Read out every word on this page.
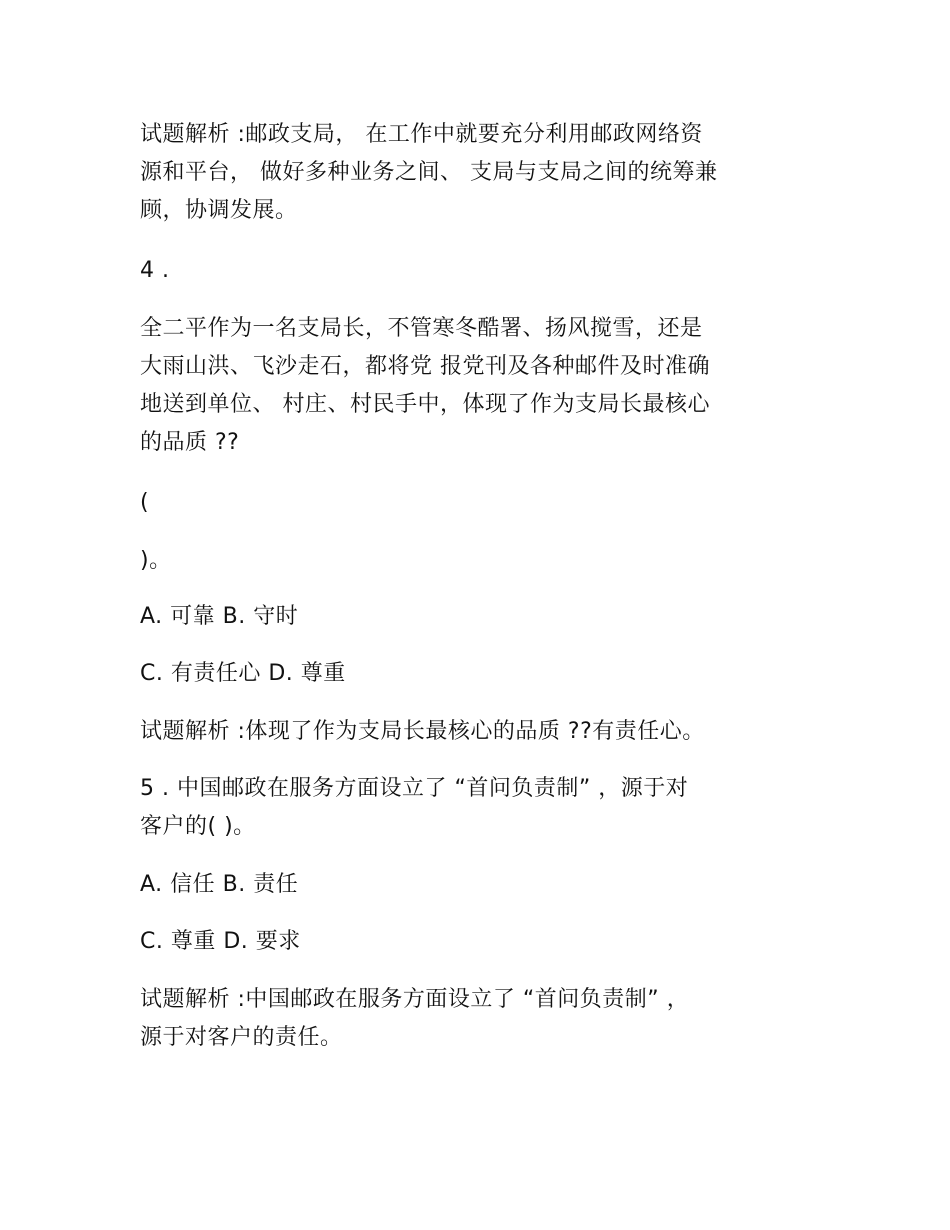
试题解析 :邮政支局， 在工作中就要充分利用邮政网络资
源和平台， 做好多种业务之间、 支局与支局之间的统筹兼
顾，协调发展。
4 .
全二平作为一名支局长，不管寒冬酷署、扬风搅雪，还是
大雨山洪、飞沙走石，都将党 报党刊及各种邮件及时准确
地送到单位、 村庄、村民手中，体现了作为支局长最核心
的品质 ??
(
)。
A. 可靠 B. 守时
C. 有责任心 D. 尊重
试题解析 :体现了作为支局长最核心的品质 ??有责任心。
5 . 中国邮政在服务方面设立了 “首问负责制” ，源于对
客户的( )。
A. 信任 B. 责任
C. 尊重 D. 要求
试题解析 :中国邮政在服务方面设立了 “首问负责制” ，
源于对客户的责任。
